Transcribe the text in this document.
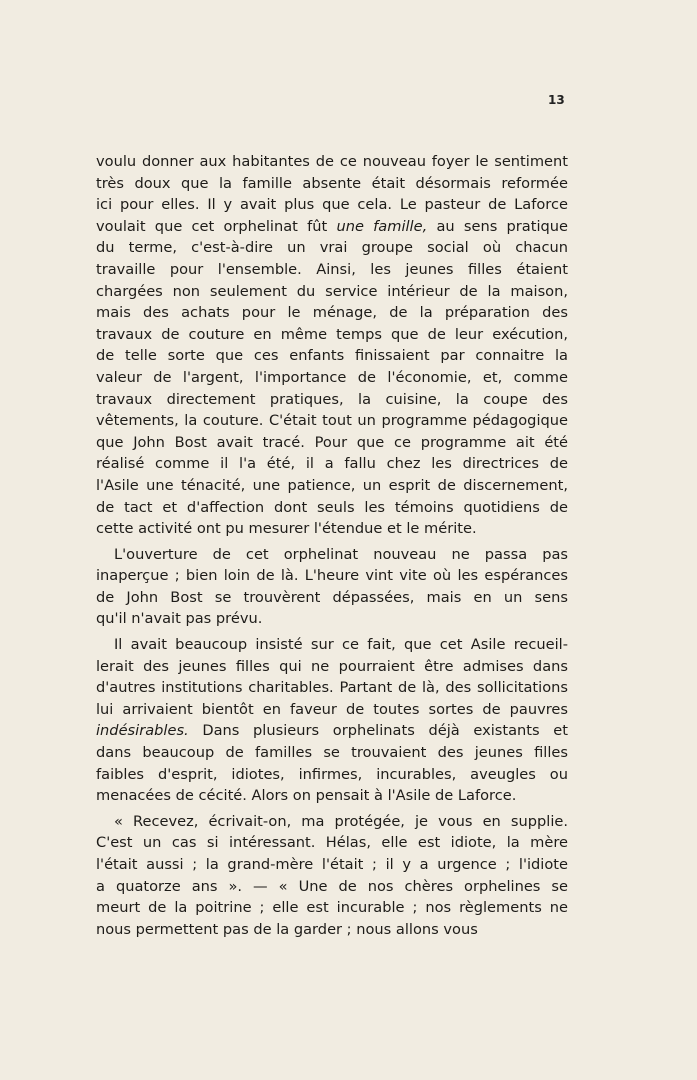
13
voulu donner aux habitantes de ce nouveau foyer le sentiment
très doux que la famille absente était désormais reformée
ici pour elles. Il y avait plus que cela. Le pasteur de Laforce
voulait que cet orphelinat fût une famille, au sens pratique
du terme, c'est-à-dire un vrai groupe social où chacun
travaille pour l'ensemble. Ainsi, les jeunes filles étaient
chargées non seulement du service intérieur de la maison,
mais des achats pour le ménage, de la préparation des
travaux de couture en même temps que de leur exécution,
de telle sorte que ces enfants finissaient par connaitre la
valeur de l'argent, l'importance de l'économie, et, comme
travaux directement pratiques, la cuisine, la coupe des
vêtements, la couture. C'était tout un programme pédagogique
que John Bost avait tracé. Pour que ce programme ait été
réalisé comme il l'a été, il a fallu chez les directrices de
l'Asile une ténacité, une patience, un esprit de discernement,
de tact et d'affection dont seuls les témoins quotidiens de
cette activité ont pu mesurer l'étendue et le mérite.
L'ouverture de cet orphelinat nouveau ne passa pas
inaperçue ; bien loin de là. L'heure vint vite où les espérances
de John Bost se trouvèrent dépassées, mais en un sens
qu'il n'avait pas prévu.
Il avait beaucoup insisté sur ce fait, que cet Asile recueil-
lerait des jeunes filles qui ne pourraient être admises dans
d'autres institutions charitables. Partant de là, des sollicitations
lui arrivaient bientôt en faveur de toutes sortes de pauvres
indésirables. Dans plusieurs orphelinats déjà existants et
dans beaucoup de familles se trouvaient des jeunes filles
faibles d'esprit, idiotes, infirmes, incurables, aveugles ou
menacées de cécité. Alors on pensait à l'Asile de Laforce.
« Recevez, écrivait-on, ma protégée, je vous en supplie.
C'est un cas si intéressant. Hélas, elle est idiote, la mère
l'était aussi ; la grand-mère l'était ; il y a urgence ; l'idiote
a quatorze ans ». — « Une de nos chères orphelines se
meurt de la poitrine ; elle est incurable ; nos règlements ne
nous permettent pas de la garder ; nous allons vous
